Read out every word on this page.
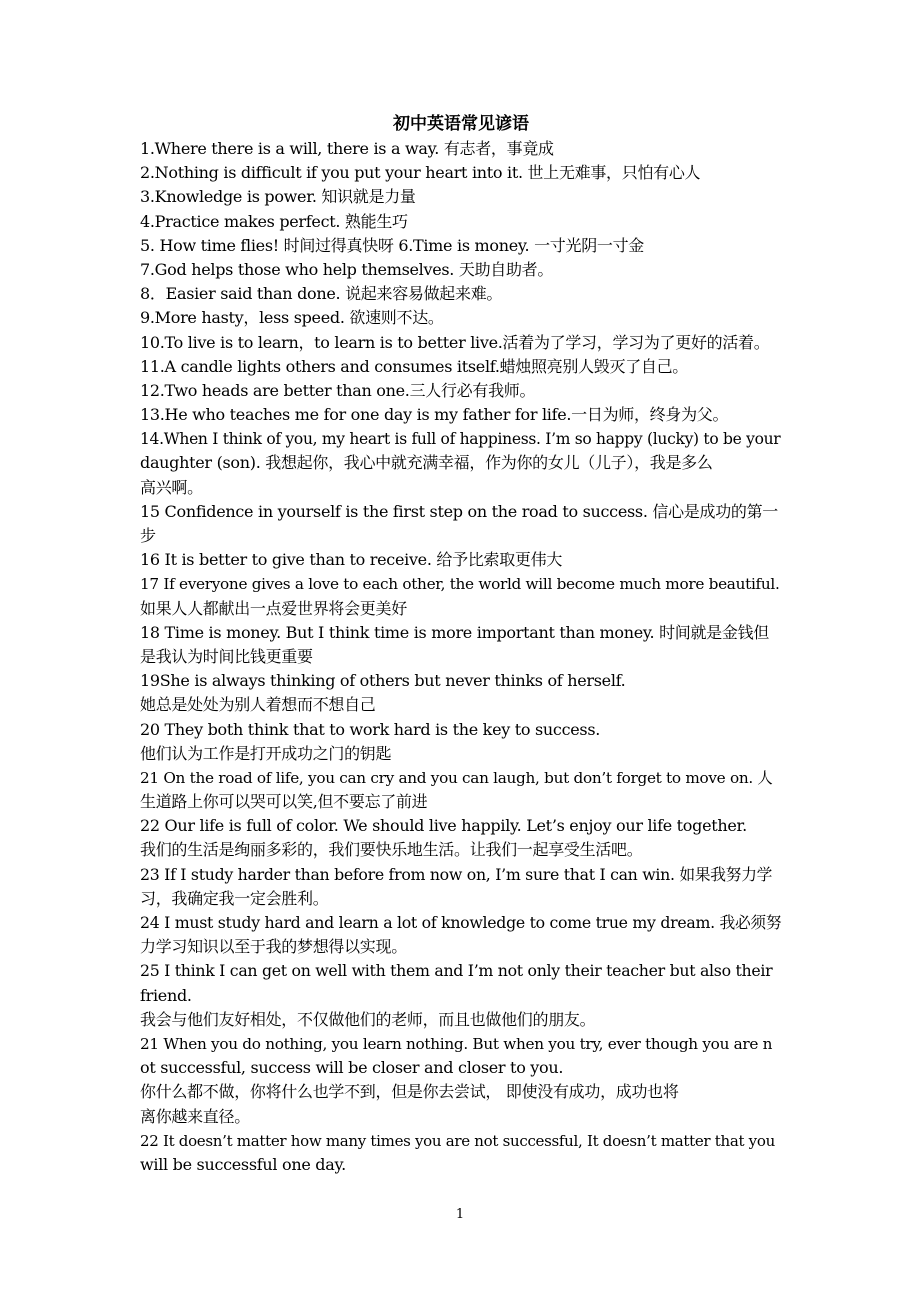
初中英语常见谚语
1.Where there is a will, there is a way. 有志者，事竟成
2.Nothing is difficult if you put your heart into it. 世上无难事，只怕有心人
3.Knowledge is power. 知识就是力量
4.Practice makes perfect. 熟能生巧
5. How time flies! 时间过得真快呀 6.Time is money. 一寸光阴一寸金
7.God helps those who help themselves. 天助自助者。
8．Easier said than done. 说起来容易做起来难。
9.More hasty，less speed. 欲速则不达。
10.To live is to learn，to learn is to better live.活着为了学习，学习为了更好的活着。
11.A candle lights others and consumes itself.蜡烛照亮别人毁灭了自己。
12.Two heads are better than one.三人行必有我师。
13.He who teaches me for one day is my father for life.一日为师，终身为父。
14.When I think of you, my heart is full of happiness. I’m so happy (lucky) to be your
daughter (son). 我想起你，我心中就充满幸福，作为你的女儿（儿子），我是多么
高兴啊。
15 Confidence in yourself is the first step on the road to success. 信心是成功的第一
步
16 It is better to give than to receive. 给予比索取更伟大
17 If everyone gives a love to each other, the world will become much more beautiful.
如果人人都献出一点爱世界将会更美好
18 Time is money. But I think time is more important than money. 时间就是金钱但
是我认为时间比钱更重要
19She is always thinking of others but never thinks of herself.
她总是处处为别人着想而不想自己
20 They both think that to work hard is the key to success.
他们认为工作是打开成功之门的钥匙
21 On the road of life, you can cry and you can laugh, but don’t forget to move on. 人
生道路上你可以哭可以笑,但不要忘了前进
22 Our life is full of color. We should live happily. Let’s enjoy our life together.
我们的生活是绚丽多彩的，我们要快乐地生活。让我们一起享受生活吧。
23 If I study harder than before from now on, I’m sure that I can win. 如果我努力学
习，我确定我一定会胜利。
24 I must study hard and learn a lot of knowledge to come true my dream. 我必须努
力学习知识以至于我的梦想得以实现。
25 I think I can get on well with them and I’m not only their teacher but also their
friend.
我会与他们友好相处，不仅做他们的老师，而且也做他们的朋友。
21 When you do nothing, you learn nothing. But when you try, ever though you are n
ot successful, success will be closer and closer to you.
你什么都不做，你将什么也学不到，但是你去尝试， 即使没有成功，成功也将
离你越来直径。
22 It doesn’t matter how many times you are not successful, It doesn’t matter that you
will be successful one day.
1
